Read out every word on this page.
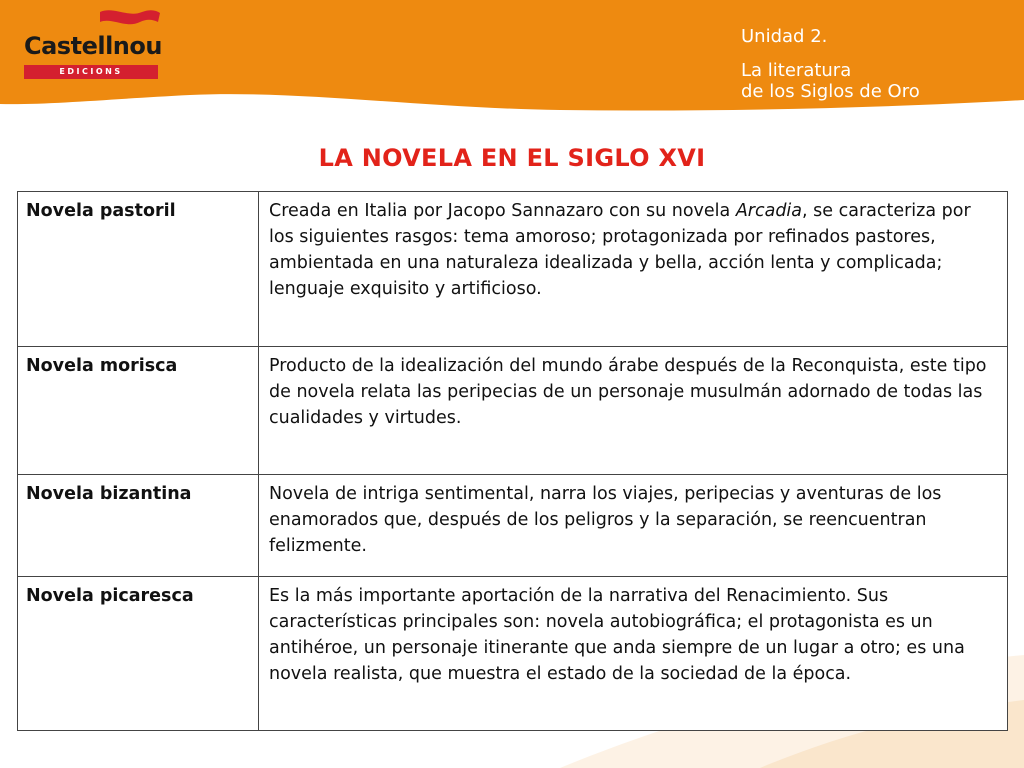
Castellnou
EDICIONS
Unidad 2.
La literatura
de los Siglos de Oro
LA NOVELA EN EL SIGLO XVI
Novela pastoril	Creada en Italia por Jacopo Sannazaro con su novela Arcadia, se caracteriza por los siguientes rasgos: tema amoroso; protagonizada por refinados pastores, ambientada en una naturaleza idealizada y bella, acción lenta y complicada; lenguaje exquisito y artificioso.
Novela morisca	Producto de la idealización del mundo árabe después de la Reconquista, este tipo de novela relata las peripecias de un personaje musulmán adornado de todas las cualidades y virtudes.
Novela bizantina	Novela de intriga sentimental, narra los viajes, peripecias y aventuras de los enamorados que, después de los peligros y la separación, se reencuentran felizmente.
Novela picaresca	Es la más importante aportación de la narrativa del Renacimiento. Sus características principales son: novela autobiográfica; el protagonista es un antihéroe, un personaje itinerante que anda siempre de un lugar a otro; es una novela realista, que muestra el estado de la sociedad de la época.
